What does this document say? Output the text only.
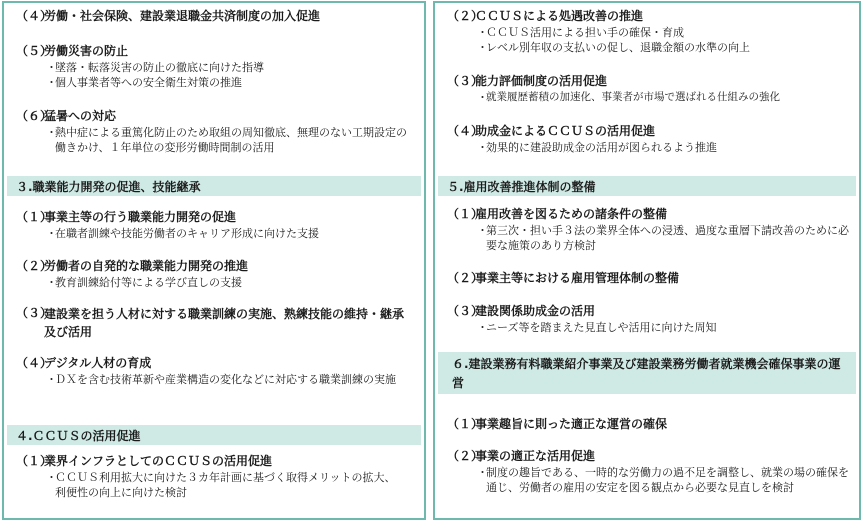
（４）
労働・社会保険、建設業退職金共済制度の加入促進
（５）
労働災害の防止
・
墜落・転落災害の防止の徹底に向けた指導
・
個人事業者等への安全衛生対策の推進
（６）
猛暑への対応
・
熱中症による重篤化防止のため取組の周知徹底、無理のない工期設定の働きかけ、１年単位の変形労働時間制の活用
３.職業能力開発の促進、技能継承
（１）
事業主等の行う職業能力開発の促進
・
在職者訓練や技能労働者のキャリア形成に向けた支援
（２）
労働者の自発的な職業能力開発の推進
・
教育訓練給付等による学び直しの支援
（３）
建設業を担う人材に対する職業訓練の実施、熟練技能の維持・継承及び活用
（４）
デジタル人材の育成
・
ＤＸを含む技術革新や産業構造の変化などに対応する職業訓練の実施
４.ＣＣＵＳの活用促進
（１）
業界インフラとしてのＣＣＵＳの活用促進
・
ＣＣＵＳ利用拡大に向けた３カ年計画に基づく取得メリットの拡大、利便性の向上に向けた検討
（２）
ＣＣＵＳによる処遇改善の推進
・
ＣＣＵＳ活用による担い手の確保・育成
・
レベル別年収の支払いの促し、退職金額の水準の向上
（３）
能力評価制度の活用促進
・
就業履歴蓄積の加速化、事業者が市場で選ばれる仕組みの強化
（４）
助成金によるＣＣＵＳの活用促進
・
効果的に建設助成金の活用が図られるよう推進
５.雇用改善推進体制の整備
（１）
雇用改善を図るための諸条件の整備
・
第三次・担い手３法の業界全体への浸透、過度な重層下請改善のために必要な施策のあり方検討
（２）
事業主等における雇用管理体制の整備
（３）
建設関係助成金の活用
・
ニーズ等を踏まえた見直しや活用に向けた周知
６.建設業務有料職業紹介事業及び建設業務労働者就業機会確保事業の運営
（１）
事業趣旨に則った適正な運営の確保
（２）
事業の適正な活用促進
・
制度の趣旨である、一時的な労働力の過不足を調整し、就業の場の確保を通じ、労働者の雇用の安定を図る観点から必要な見直しを検討
